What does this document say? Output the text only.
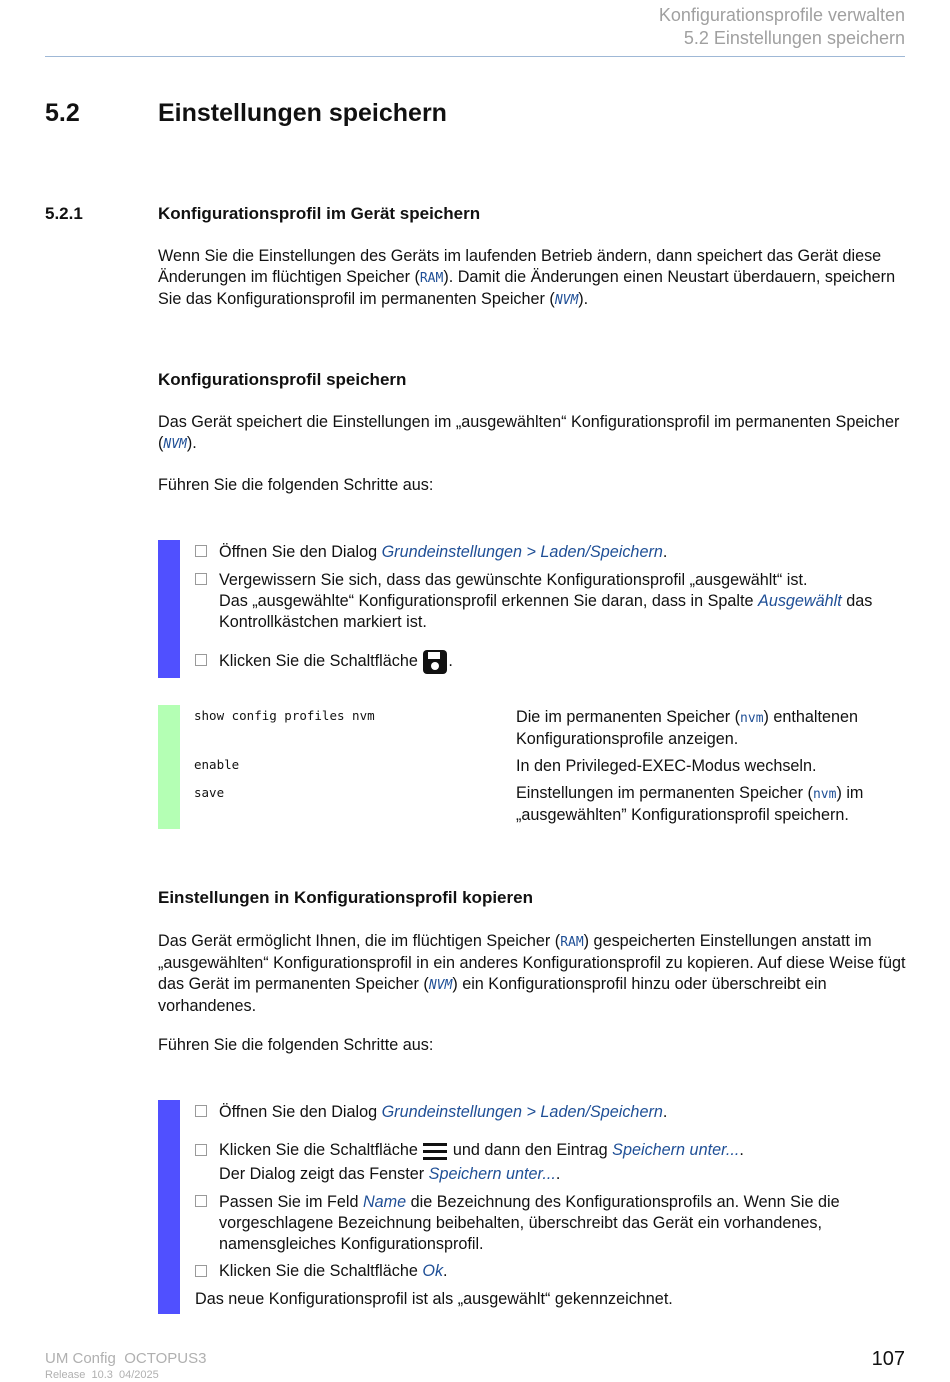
Konfigurationsprofile verwalten
5.2 Einstellungen speichern
5.2	Einstellungen speichern
5.2.1	Konfigurationsprofil im Gerät speichern
Wenn Sie die Einstellungen des Geräts im laufenden Betrieb ändern, dann speichert das Gerät diese Änderungen im flüchtigen Speicher (RAM). Damit die Änderungen einen Neustart überdauern, speichern Sie das Konfigurationsprofil im permanenten Speicher (NVM).
Konfigurationsprofil speichern
Das Gerät speichert die Einstellungen im „ausgewählten“ Konfigurationsprofil im permanenten Speicher (NVM).
Führen Sie die folgenden Schritte aus:
Öffnen Sie den Dialog Grundeinstellungen > Laden/Speichern.
Vergewissern Sie sich, dass das gewünschte Konfigurationsprofil „ausgewählt“ ist.
Das „ausgewählte“ Konfigurationsprofil erkennen Sie daran, dass in Spalte Ausgewählt das Kontrollkästchen markiert ist.
Klicken Sie die Schaltfläche .
show config profiles nvm	Die im permanenten Speicher (nvm) enthaltenen Konfigurationsprofile anzeigen.
enable	In den Privileged-EXEC-Modus wechseln.
save	Einstellungen im permanenten Speicher (nvm) im „ausgewählten” Konfigurationsprofil speichern.
Einstellungen in Konfigurationsprofil kopieren
Das Gerät ermöglicht Ihnen, die im flüchtigen Speicher (RAM) gespeicherten Einstellungen anstatt im „ausgewählten“ Konfigurationsprofil in ein anderes Konfigurationsprofil zu kopieren. Auf diese Weise fügt das Gerät im permanenten Speicher (NVM) ein Konfigurationsprofil hinzu oder überschreibt ein vorhandenes.
Führen Sie die folgenden Schritte aus:
Öffnen Sie den Dialog Grundeinstellungen > Laden/Speichern.
Klicken Sie die Schaltfläche  und dann den Eintrag Speichern unter....
Der Dialog zeigt das Fenster Speichern unter....
Passen Sie im Feld Name die Bezeichnung des Konfigurationsprofils an. Wenn Sie die vorgeschlagene Bezeichnung beibehalten, überschreibt das Gerät ein vorhandenes, namensgleiches Konfigurationsprofil.
Klicken Sie die Schaltfläche Ok.
Das neue Konfigurationsprofil ist als „ausgewählt“ gekennzeichnet.
UM Config  OCTOPUS3
Release  10.3  04/2025
107
